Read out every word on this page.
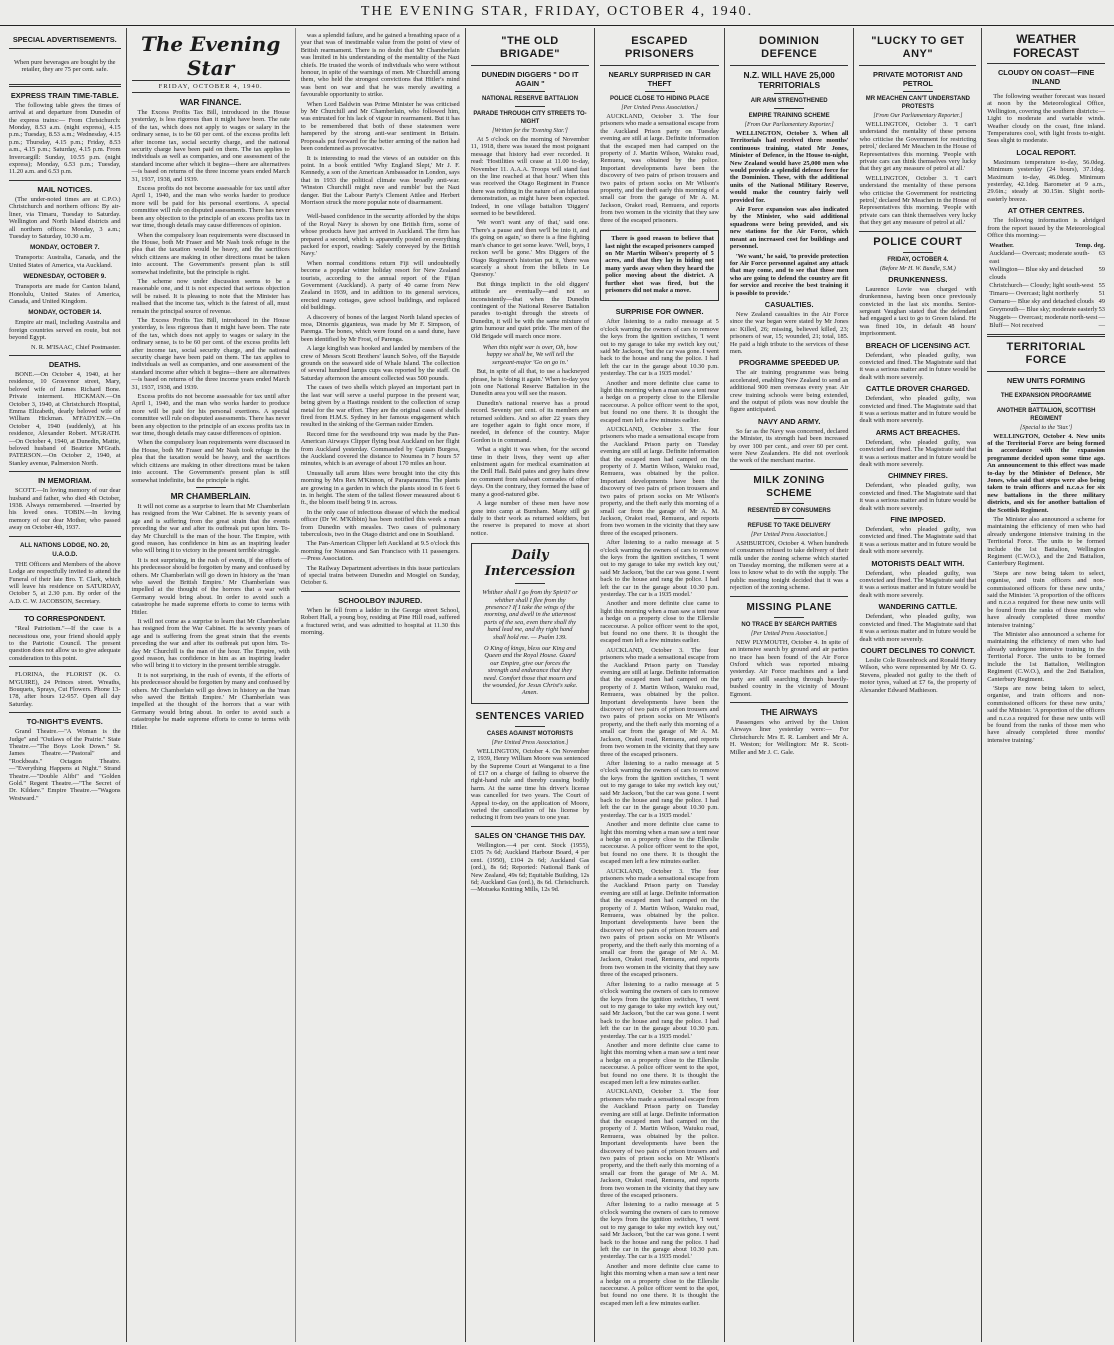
THE EVENING STAR, FRIDAY, OCTOBER 4, 1940.
SPECIAL ADVERTISEMENTS.

When pure beverages are bought by the retailer, they are 75 per cent. safe.

EXPRESS TRAIN TIME-TABLE.

The following table gives the times of arrival at and departure from Dunedin of the express trains:— From Christchurch: Monday, 8.53 a.m. (night express), 4.15 p.m.; Tuesday, 8.53 a.m.; Wednesday, 4.15 p.m.; Thursday, 4.15 p.m.; Friday, 8.53 a.m., 4.15 p.m.; Saturday, 4.15 p.m. From Invercargill: Sunday, 10.55 p.m. (night express); Monday, 6.53 p.m.; Tuesday, 11.20 a.m. and 6.53 p.m.

MAIL NOTICES.

(The under-noted times are at C.P.O.) Christchurch and northern offices: By air-liner, via Timaru, Tuesday to Saturday. Wellington and North Island districts and all northern offices: Monday, 3 a.m.; Tuesday to Saturday, 10.30 a.m.

MONDAY, OCTOBER 7.

Transports: Australia, Canada, and the United States of America, via Auckland.

WEDNESDAY, OCTOBER 9.

Transports are made for Canton Island, Honolulu, United States of America, Canada, and United Kingdom.

MONDAY, OCTOBER 14.

Empire air mail, including Australia and foreign countries served en route, but not beyond Egypt.

N. R. M'ISAAC, Chief Postmaster.

DEATHS.

BONE.—On October 4, 1940, at her residence, 10 Grosvenor street, Mary, beloved wife of James Richard Bone. Private interment. HICKMAN.—On October 3, 1940, at Christchurch Hospital, Emma Elizabeth, dearly beloved wife of William Hickman. M'FADYEN.—On October 4, 1940 (suddenly), at his residence, Alexander Robert. M'GRATH.—On October 4, 1940, at Dunedin, Mattie, beloved husband of Beatrice M'Grath. PATERSON.—On October 2, 1940, at Stanley avenue, Palmerston North.

IN MEMORIAM.

SCOTT.—In loving memory of our dear husband and father, who died 4th October, 1938. Always remembered. —Inserted by his loved ones. TOBIN.—In loving memory of our dear Mother, who passed away on October 4th, 1937.

ALL NATIONS LODGE, NO. 20, U.A.O.D.

THE Officers and Members of the above Lodge are respectfully invited to attend the Funeral of their late Bro. T. Clark, which will leave his residence on SATURDAY, October 5, at 2.30 p.m. By order of the A.D. C. W. JACOBSON, Secretary.

TO CORRESPONDENT.

"Real Patriotism."—If the case is a necessitous one, your friend should apply to the Patriotic Council. The present question does not allow us to give adequate consideration to this point.

FLORINA, the FLORIST (K. O. M'GUIRE), 24 Princes street. Wreaths, Bouquets, Sprays, Cut Flowers. Phone 13-178, after hours 12-957. Open all day Saturday.

TO-NIGHT'S EVENTS.

Grand Theatre.—"A Woman is the Judge" and "Outlaws of the Prairie." State Theatre.—"The Boys Look Down." St. James Theatre.—"Pastoral" and "Rockbeats." Octagon Theatre.—"Everything Happens at Night." Strand Theatre.—"Double Alibi" and "Golden Gold." Regent Theatre.—"The Secret of Dr. Kildare." Empire Theatre.—"Wagons Westward."

The Evening Star
FRIDAY, OCTOBER 4, 1940.
WAR FINANCE.

The Excess Profits Tax Bill, introduced in the House yesterday, is less rigorous than it might have been. The rate of the tax, which does not apply to wages or salary in the ordinary sense, is to be 60 per cent. of the excess profits left after income tax, social security charge, and the national security charge have been paid on them. The tax applies to individuals as well as companies, and one assessment of the standard income after which it begins—there are alternatives—is based on returns of the three income years ended March 31, 1937, 1938, and 1939.

Excess profits do not become assessable for tax until after April 1, 1940, and the man who works harder to produce more will be paid for his personal exertions. A special committee will rule on disputed assessments. There has never been any objection to the principle of an excess profits tax in war time, though details may cause differences of opinion.

When the compulsory loan requirements were discussed in the House, both Mr Fraser and Mr Nash took refuge in the plea that the taxation would be heavy, and the sacrifices which citizens are making in other directions must be taken into account. The Government's present plan is still somewhat indefinite, but the principle is right.

The scheme now under discussion seems to be a reasonable one, and it is not expected that serious objection will be raised. It is pleasing to note that the Minister has realised that the income tax, which is the fairest of all, must remain the principal source of revenue.

The Excess Profits Tax Bill, introduced in the House yesterday, is less rigorous than it might have been. The rate of the tax, which does not apply to wages or salary in the ordinary sense, is to be 60 per cent. of the excess profits left after income tax, social security charge, and the national security charge have been paid on them. The tax applies to individuals as well as companies, and one assessment of the standard income after which it begins—there are alternatives—is based on returns of the three income years ended March 31, 1937, 1938, and 1939.

Excess profits do not become assessable for tax until after April 1, 1940, and the man who works harder to produce more will be paid for his personal exertions. A special committee will rule on disputed assessments. There has never been any objection to the principle of an excess profits tax in war time, though details may cause differences of opinion.

When the compulsory loan requirements were discussed in the House, both Mr Fraser and Mr Nash took refuge in the plea that the taxation would be heavy, and the sacrifices which citizens are making in other directions must be taken into account. The Government's present plan is still somewhat indefinite, but the principle is right.

MR CHAMBERLAIN.

It will not come as a surprise to learn that Mr Chamberlain has resigned from the War Cabinet. He is seventy years of age and is suffering from the great strain that the events preceding the war and after its outbreak put upon him. To-day Mr Churchill is the man of the hour. The Empire, with good reason, has confidence in him as an inspiring leader who will bring it to victory in the present terrible struggle.

It is not surprising, in the rush of events, if the efforts of his predecessor should be forgotten by many and confused by others. Mr Chamberlain will go down in history as the 'man who saved the British Empire.' Mr Chamberlain was impelled at the thought of the horrors that a war with Germany would bring about. In order to avoid such a catastrophe he made supreme efforts to come to terms with Hitler.

It will not come as a surprise to learn that Mr Chamberlain has resigned from the War Cabinet. He is seventy years of age and is suffering from the great strain that the events preceding the war and after its outbreak put upon him. To-day Mr Churchill is the man of the hour. The Empire, with good reason, has confidence in him as an inspiring leader who will bring it to victory in the present terrible struggle.

It is not surprising, in the rush of events, if the efforts of his predecessor should be forgotten by many and confused by others. Mr Chamberlain will go down in history as the 'man who saved the British Empire.' Mr Chamberlain was impelled at the thought of the horrors that a war with Germany would bring about. In order to avoid such a catastrophe he made supreme efforts to come to terms with Hitler.

was a splendid failure, and he gained a breathing space of a year that was of inestimable value from the point of view of British rearmament. There is no doubt that Mr Chamberlain was limited in his understanding of the mentality of the Nazi chiefs. He trusted the words of individuals who were without honour, in spite of the warnings of men. Mr Churchill among them, who held the strongest convictions that Hitler's mind was bent on war and that he was merely awaiting a favourable opportunity to strike.

When Lord Baldwin was Prime Minister he was criticised by Mr Churchill and Mr Chamberlain, who followed him, was entrusted for his lack of vigour in rearmament. But it has to be remembered that both of these statesmen were hampered by the strong anti-war sentiment in Britain. Proposals put forward for the better arming of the nation had been condemned as provocative.

It is interesting to read the views of an outsider on this point. In a book entitled 'Why England Slept,' Mr J. F. Kennedy, a son of the American Ambassador in London, says that in 1933 the political climate was broadly anti-war. 'Winston Churchill might rave and rumble' but the Nazi danger. But the Labour Party's Clement Attlee and Herbert Morrison struck the more popular note of disarmament.

Well-based confidence in the security afforded by the ships of the Royal Navy is shown by one British firm, some of whose products have just arrived in Auckland. The firm has prepared a second, which is apparently posted on everything packed for export, reading: 'Safely conveyed by the British Navy.'

When normal conditions return Fiji will undoubtedly become a popular winter holiday resort for New Zealand tourists, according to the annual report of the Fijian Government (Auckland). A party of 40 came from New Zealand in 1939, and in addition to its general services, erected many cottages, gave school buildings, and replaced old buildings.

A discovery of bones of the largest North Island species of moa, Dinornis giganteus, was made by Mr F. Simpson, of Parenga. The bones, which were found on a sand dune, have been identified by Mr Frost, of Parenga.

A large kingfish was hooked and landed by members of the crew of Messrs Scott Brothers' launch Solvo, off the Bayside grounds on the seaward side of Whale Island. The collection of several hundred lamps cups was reported by the staff. On Saturday afternoon the amount collected was 500 pounds.

The cases of two shells which played an important part in the last war will serve a useful purpose in the present war, being given by a Hastings resident to the collection of scrap metal for the war effort. They are the original cases of shells fired from H.M.S. Sydney in her famous engagement which resulted in the sinking of the German raider Emden.

Record time for the westbound trip was made by the Pan-American Airways Clipper flying boat Auckland on her flight from Auckland yesterday. Commanded by Captain Burgess, the Auckland covered the distance to Noumea in 7 hours 57 minutes, which is an average of about 170 miles an hour.

Unusually tall arum lilies were brought into the city this morning by Mrs Rex M'Kinnon, of Paraparaumu. The plants are growing in a garden in which the plants stood in 6 feet 6 in. in height. The stem of the tallest flower measured about 6 ft., the bloom itself being 9 in. across.

In the only case of infectious disease of which the medical officer (Dr W. M'Kibbin) has been notified this week a man from Dunedin with measles. Two cases of pulmonary tuberculosis, two in the Otago district and one in Southland.

The Pan-American Clipper left Auckland at 9.5 o'clock this morning for Noumea and San Francisco with 11 passengers.—Press Association.

The Railway Department advertises in this issue particulars of special trains between Dunedin and Mosgiel on Sunday, October 6.

SCHOOLBOY INJURED.

When he fell from a ladder in the George street School, Robert Hall, a young boy, residing at Pine Hill road, suffered a fractured wrist, and was admitted to hospital at 11.30 this morning.

"THE OLD BRIGADE"
DUNEDIN DIGGERS " DO IT AGAIN "
NATIONAL RESERVE BATTALION
PARADE THROUGH CITY STREETS TO-NIGHT
[Written for the 'Evening Star.']

At 5 o'clock on the morning of November 11, 1918, there was issued the most poignant message that history had ever recorded. It read: 'Hostilities will cease at 11.00 to-day, November 11. A.A.A. Troops will stand fast on the line reached at that hour.' When this was received the Otago Regiment in France there was nothing in the nature of an hilarious demonstration, as might have been expected. Indeed, in one village battalion 'Diggers' seemed to be bewildered.

'We won't want any of that,' said one. 'There's a pause and then we'll be into it, and it's going on again,' so there is a fine fighting man's chance to get some leave. 'Well, boys, I reckon we'll be gone.' Mrs Diggers of the Otago Regiment's historian put it, 'there was scarcely a shout from the billets in Le Quesnoy.'

But things implicit in the old diggers' attitude are eventually—and not so inconsistently—that when the Dunedin contingent of the National Reserve Battalion parades to-night through the streets of Dunedin, it will be with the same mixture of grim humour and quiet pride. The men of the Old Brigade will march once more.

When this night war is over, Oh, how happy we shall be, We will tell the sergeant-major 'Go on go in.'

But, in spite of all that, to use a hackneyed phrase, he is 'doing it again.' When to-day you join one National Reserve Battalion in the Dunedin area you will see the reason.

Dunedin's national reserve has a proud record. Seventy per cent. of its members are returned soldiers. And so after 22 years they are together again to fight once more, if needed, in defence of the country. Major Gordon is in command.

What a sight it was when, for the second time in their lives, they went up after enlistment again for medical examination at the Drill Hall. Bald pates and grey hairs drew no comment from stalwart comrades of other days. On the contrary, they formed the base of many a good-natured gibe.

A large number of these men have now gone into camp at Burnham. Many still go daily to their work as returned soldiers, but the reserve is prepared to move at short notice.

Daily Intercession

Whither shall I go from thy Spirit? or whither shall I flee from thy presence? If I take the wings of the morning, and dwell in the uttermost parts of the sea, even there shall thy hand lead me, and thy right hand shall hold me. — Psalm 139.

O King of kings, bless our King and Queen and the Royal House. Guard our Empire, give our forces the strength and endurance that they need. Comfort those that mourn and the wounded, for Jesus Christ's sake. Amen.

SENTENCES VARIED
CASES AGAINST MOTORISTS
[Per United Press Association.]

WELLINGTON, October 4. On November 2, 1939, Henry William Moore was sentenced by the Supreme Court at Wanganui to a fine of £17 on a charge of failing to observe the right-hand rule and thereby causing bodily harm. At the same time his driver's license was cancelled for two years. The Court of Appeal to-day, on the application of Moore, varied the cancellation of his license by reducing it from two years to one year.

SALES ON 'CHANGE THIS DAY.

Wellington.—4 per cent. Stock (1955), £105 7s 6d; Auckland Harbour Board, 4 per cent. (1950), £104 2s 6d; Auckland Gas (ord.), 8s 6d; Reported: National Bank of New Zealand, 49s 6d; Equitable Building, 12s 6d; Auckland Gas (ord.), 8s 6d. Christchurch.—Motueka Knitting Mills, 12s 9d.

ESCAPED PRISONERS
NEARLY SURPRISED IN CAR THEFT
POLICE CLOSE TO HIDING PLACE
[Per United Press Association.]

AUCKLAND, October 3. The four prisoners who made a sensational escape from the Auckland Prison party on Tuesday evening are still at large. Definite information that the escaped men had camped on the property of J. Martin Wilson, Waiuku road, Remuera, was obtained by the police. Important developments have been the discovery of two pairs of prison trousers and two pairs of prison socks on Mr Wilson's property, and the theft early this morning of a small car from the garage of Mr A. M. Jackson, Orakei road, Remuera, and reports from two women in the vicinity that they saw three of the escaped prisoners.

There is good reason to believe that last night the escaped prisoners camped on Mr Martin Wilson's property of 5 acres, and that they lay in hiding not many yards away when they heard the police moving about the district. A further shot was fired, but the prisoners did not make a move.

SURPRISE FOR OWNER.

After listening to a radio message at 5 o'clock warning the owners of cars to remove the keys from the ignition switches, 'I went out to my garage to take my switch key out,' said Mr Jackson, 'but the car was gone. I went back to the house and rang the police. I had left the car in the garage about 10.30 p.m. yesterday. The car is a 1935 model.'

Another and more definite clue came to light this morning when a man saw a tent near a hedge on a property close to the Ellerslie racecourse. A police officer went to the spot, but found no one there. It is thought the escaped men left a few minutes earlier.

AUCKLAND, October 3. The four prisoners who made a sensational escape from the Auckland Prison party on Tuesday evening are still at large. Definite information that the escaped men had camped on the property of J. Martin Wilson, Waiuku road, Remuera, was obtained by the police. Important developments have been the discovery of two pairs of prison trousers and two pairs of prison socks on Mr Wilson's property, and the theft early this morning of a small car from the garage of Mr A. M. Jackson, Orakei road, Remuera, and reports from two women in the vicinity that they saw three of the escaped prisoners.

After listening to a radio message at 5 o'clock warning the owners of cars to remove the keys from the ignition switches, 'I went out to my garage to take my switch key out,' said Mr Jackson, 'but the car was gone. I went back to the house and rang the police. I had left the car in the garage about 10.30 p.m. yesterday. The car is a 1935 model.'

Another and more definite clue came to light this morning when a man saw a tent near a hedge on a property close to the Ellerslie racecourse. A police officer went to the spot, but found no one there. It is thought the escaped men left a few minutes earlier.

AUCKLAND, October 3. The four prisoners who made a sensational escape from the Auckland Prison party on Tuesday evening are still at large. Definite information that the escaped men had camped on the property of J. Martin Wilson, Waiuku road, Remuera, was obtained by the police. Important developments have been the discovery of two pairs of prison trousers and two pairs of prison socks on Mr Wilson's property, and the theft early this morning of a small car from the garage of Mr A. M. Jackson, Orakei road, Remuera, and reports from two women in the vicinity that they saw three of the escaped prisoners.

After listening to a radio message at 5 o'clock warning the owners of cars to remove the keys from the ignition switches, 'I went out to my garage to take my switch key out,' said Mr Jackson, 'but the car was gone. I went back to the house and rang the police. I had left the car in the garage about 10.30 p.m. yesterday. The car is a 1935 model.'

Another and more definite clue came to light this morning when a man saw a tent near a hedge on a property close to the Ellerslie racecourse. A police officer went to the spot, but found no one there. It is thought the escaped men left a few minutes earlier.

AUCKLAND, October 3. The four prisoners who made a sensational escape from the Auckland Prison party on Tuesday evening are still at large. Definite information that the escaped men had camped on the property of J. Martin Wilson, Waiuku road, Remuera, was obtained by the police. Important developments have been the discovery of two pairs of prison trousers and two pairs of prison socks on Mr Wilson's property, and the theft early this morning of a small car from the garage of Mr A. M. Jackson, Orakei road, Remuera, and reports from two women in the vicinity that they saw three of the escaped prisoners.

After listening to a radio message at 5 o'clock warning the owners of cars to remove the keys from the ignition switches, 'I went out to my garage to take my switch key out,' said Mr Jackson, 'but the car was gone. I went back to the house and rang the police. I had left the car in the garage about 10.30 p.m. yesterday. The car is a 1935 model.'

Another and more definite clue came to light this morning when a man saw a tent near a hedge on a property close to the Ellerslie racecourse. A police officer went to the spot, but found no one there. It is thought the escaped men left a few minutes earlier.

AUCKLAND, October 3. The four prisoners who made a sensational escape from the Auckland Prison party on Tuesday evening are still at large. Definite information that the escaped men had camped on the property of J. Martin Wilson, Waiuku road, Remuera, was obtained by the police. Important developments have been the discovery of two pairs of prison trousers and two pairs of prison socks on Mr Wilson's property, and the theft early this morning of a small car from the garage of Mr A. M. Jackson, Orakei road, Remuera, and reports from two women in the vicinity that they saw three of the escaped prisoners.

After listening to a radio message at 5 o'clock warning the owners of cars to remove the keys from the ignition switches, 'I went out to my garage to take my switch key out,' said Mr Jackson, 'but the car was gone. I went back to the house and rang the police. I had left the car in the garage about 10.30 p.m. yesterday. The car is a 1935 model.'

Another and more definite clue came to light this morning when a man saw a tent near a hedge on a property close to the Ellerslie racecourse. A police officer went to the spot, but found no one there. It is thought the escaped men left a few minutes earlier.

DOMINION DEFENCE
N.Z. WILL HAVE 25,000 TERRITORIALS
AIR ARM STRENGTHENED
EMPIRE TRAINING SCHEME
[From Our Parliamentary Reporter.]

WELLINGTON, October 3. When all Territorials had received three months' continuous training, stated Mr Jones, Minister of Defence, in the House to-night, New Zealand would have 25,000 men who would provide a splendid defence force for the Dominion. These, with the additional units of the National Military Reserve, would make the country fairly well provided for.

Air Force expansion was also indicated by the Minister, who said additional squadrons were being provided, and six new stations for the Air Force, which meant an increased cost for buildings and personnel.

'We want,' he said, 'to provide protection for Air Force personnel against any attack that may come, and to see that those men who are going to defend the country are fit for service and receive the best training it is possible to provide.'

CASUALTIES.

New Zealand casualties in the Air Force since the war began were stated by Mr Jones as: Killed, 26; missing, believed killed, 23; prisoners of war, 15; wounded, 21; total, 185. He paid a high tribute to the services of these men.

PROGRAMME SPEEDED UP.

The air training programme was being accelerated, enabling New Zealand to send an additional 900 men overseas every year. Air crew training schools were being extended, and the output of pilots was now double the figure anticipated.

NAVY AND ARMY.

So far as the Navy was concerned, declared the Minister, its strength had been increased by over 100 per cent., and over 60 per cent. were New Zealanders. He did not overlook the work of the merchant marine.

MILK ZONING SCHEME
RESENTED BY CONSUMERS
REFUSE TO TAKE DELIVERY
[Per United Press Association.]

ASHBURTON, October 4. When hundreds of consumers refused to take delivery of their milk under the zoning scheme which started on Tuesday morning, the milkmen were at a loss to know what to do with the supply. The public meeting tonight decided that it was a rejection of the zoning scheme.

MISSING PLANE
NO TRACE BY SEARCH PARTIES
[Per United Press Association.]

NEW PLYMOUTH, October 4. In spite of an intensive search by ground and air parties no trace has been found of the Air Force Oxford which was reported missing yesterday. Air Force machines and a land party are still searching through heavily-bushed country in the vicinity of Mount Egmont.

THE AIRWAYS

Passengers who arrived by the Union Airways liner yesterday were:— For Christchurch: Mrs E. R. Lambert and Mr A. H. Weston; for Wellington: Mr R. Scott-Miller and Mr J. C. Gale.

"LUCKY TO GET ANY"
PRIVATE MOTORIST AND PETROL
MR MEACHEN CAN'T UNDERSTAND PROTESTS
[From Our Parliamentary Reporter.]

WELLINGTON, October 3. 'I can't understand the mentality of these persons who criticise the Government for restricting petrol,' declared Mr Meachen in the House of Representatives this morning. 'People with private cars can think themselves very lucky that they get any measure of petrol at all.'

WELLINGTON, October 3. 'I can't understand the mentality of these persons who criticise the Government for restricting petrol,' declared Mr Meachen in the House of Representatives this morning. 'People with private cars can think themselves very lucky that they get any measure of petrol at all.'

POLICE COURT
FRIDAY, OCTOBER 4.
(Before Mr H. W. Bundle, S.M.)
DRUNKENNESS.

Laurence Lovie was charged with drunkenness, having been once previously convicted in the last six months. Senior-sergeant Vaughan stated that the defendant had engaged a taxi to go to Green Island. He was fined 10s, in default 48 hours' imprisonment.

BREACH OF LICENSING ACT.

Defendant, who pleaded guilty, was convicted and fined. The Magistrate said that it was a serious matter and in future would be dealt with more severely.

CATTLE DROVER CHARGED.

Defendant, who pleaded guilty, was convicted and fined. The Magistrate said that it was a serious matter and in future would be dealt with more severely.

ARMS ACT BREACHES.

Defendant, who pleaded guilty, was convicted and fined. The Magistrate said that it was a serious matter and in future would be dealt with more severely.

CHIMNEY FIRES.

Defendant, who pleaded guilty, was convicted and fined. The Magistrate said that it was a serious matter and in future would be dealt with more severely.

FINE IMPOSED.

Defendant, who pleaded guilty, was convicted and fined. The Magistrate said that it was a serious matter and in future would be dealt with more severely.

MOTORISTS DEALT WITH.

Defendant, who pleaded guilty, was convicted and fined. The Magistrate said that it was a serious matter and in future would be dealt with more severely.

WANDERING CATTLE.

Defendant, who pleaded guilty, was convicted and fined. The Magistrate said that it was a serious matter and in future would be dealt with more severely.

COURT DECLINES TO CONVICT.

Leslie Cole Rosenbrock and Ronald Henry Wilson, who were represented by Mr O. G. Stevens, pleaded not guilty to the theft of motor tyres, valued at £7 6s, the property of Alexander Edward Mathieson.

WEATHER FORECAST
CLOUDY ON COAST—FINE INLAND

The following weather forecast was issued at noon by the Meteorological Office, Wellington, covering the southern districts:— Light to moderate and variable winds. Weather cloudy on the coast, fine inland. Temperatures cool, with light frosts to-night. Seas slight to moderate.

LOCAL REPORT.

Maximum temperature to-day, 56.0deg. Minimum yesterday (24 hours), 37.1deg. Maximum to-day, 46.0deg. Minimum yesterday, 42.1deg. Barometer at 9 a.m., 29.6in.; steady at 30.15in. Slight north-easterly breeze.

AT OTHER CENTRES.

The following information is abridged from the report issued by the Meteorological Office this morning:—

Weather.	Temp. deg.
Auckland— Overcast; moderate south-east
63
Wellington— Blue sky and detached clouds
59
Christchurch— Cloudy; light south-west 55
Timaru— Overcast; light northerly	51
Oamaru— Blue sky and detached clouds 49
Greymouth— Blue sky; moderate easterly 53
Nuggets— Overcast; moderate north-west —
Bluff— Not received	—
TERRITORIAL FORCE
NEW UNITS FORMING
THE EXPANSION PROGRAMME
ANOTHER BATTALION, SCOTTISH REGIMENT
[Special to the 'Star.']

WELLINGTON, October 4. New units of the Territorial Force are being formed in accordance with the expansion programme decided upon some time ago. An announcement to this effect was made to-day by the Minister of Defence, Mr Jones, who said that steps were also being taken to train officers and n.c.o.s for six new battalions in the three military districts, and six for another battalion of the Scottish Regiment.

The Minister also announced a scheme for maintaining the efficiency of men who had already undergone intensive training in the Territorial Force. The units to be formed include the 1st Battalion, Wellington Regiment (C.W.O.), and the 2nd Battalion, Canterbury Regiment.

'Steps are now being taken to select, organise, and train officers and non-commissioned officers for these new units,' said the Minister. 'A proportion of the officers and n.c.o.s required for these new units will be found from the ranks of those men who have already completed three months' intensive training.'

The Minister also announced a scheme for maintaining the efficiency of men who had already undergone intensive training in the Territorial Force. The units to be formed include the 1st Battalion, Wellington Regiment (C.W.O.), and the 2nd Battalion, Canterbury Regiment.

'Steps are now being taken to select, organise, and train officers and non-commissioned officers for these new units,' said the Minister. 'A proportion of the officers and n.c.o.s required for these new units will be found from the ranks of those men who have already completed three months' intensive training.'
